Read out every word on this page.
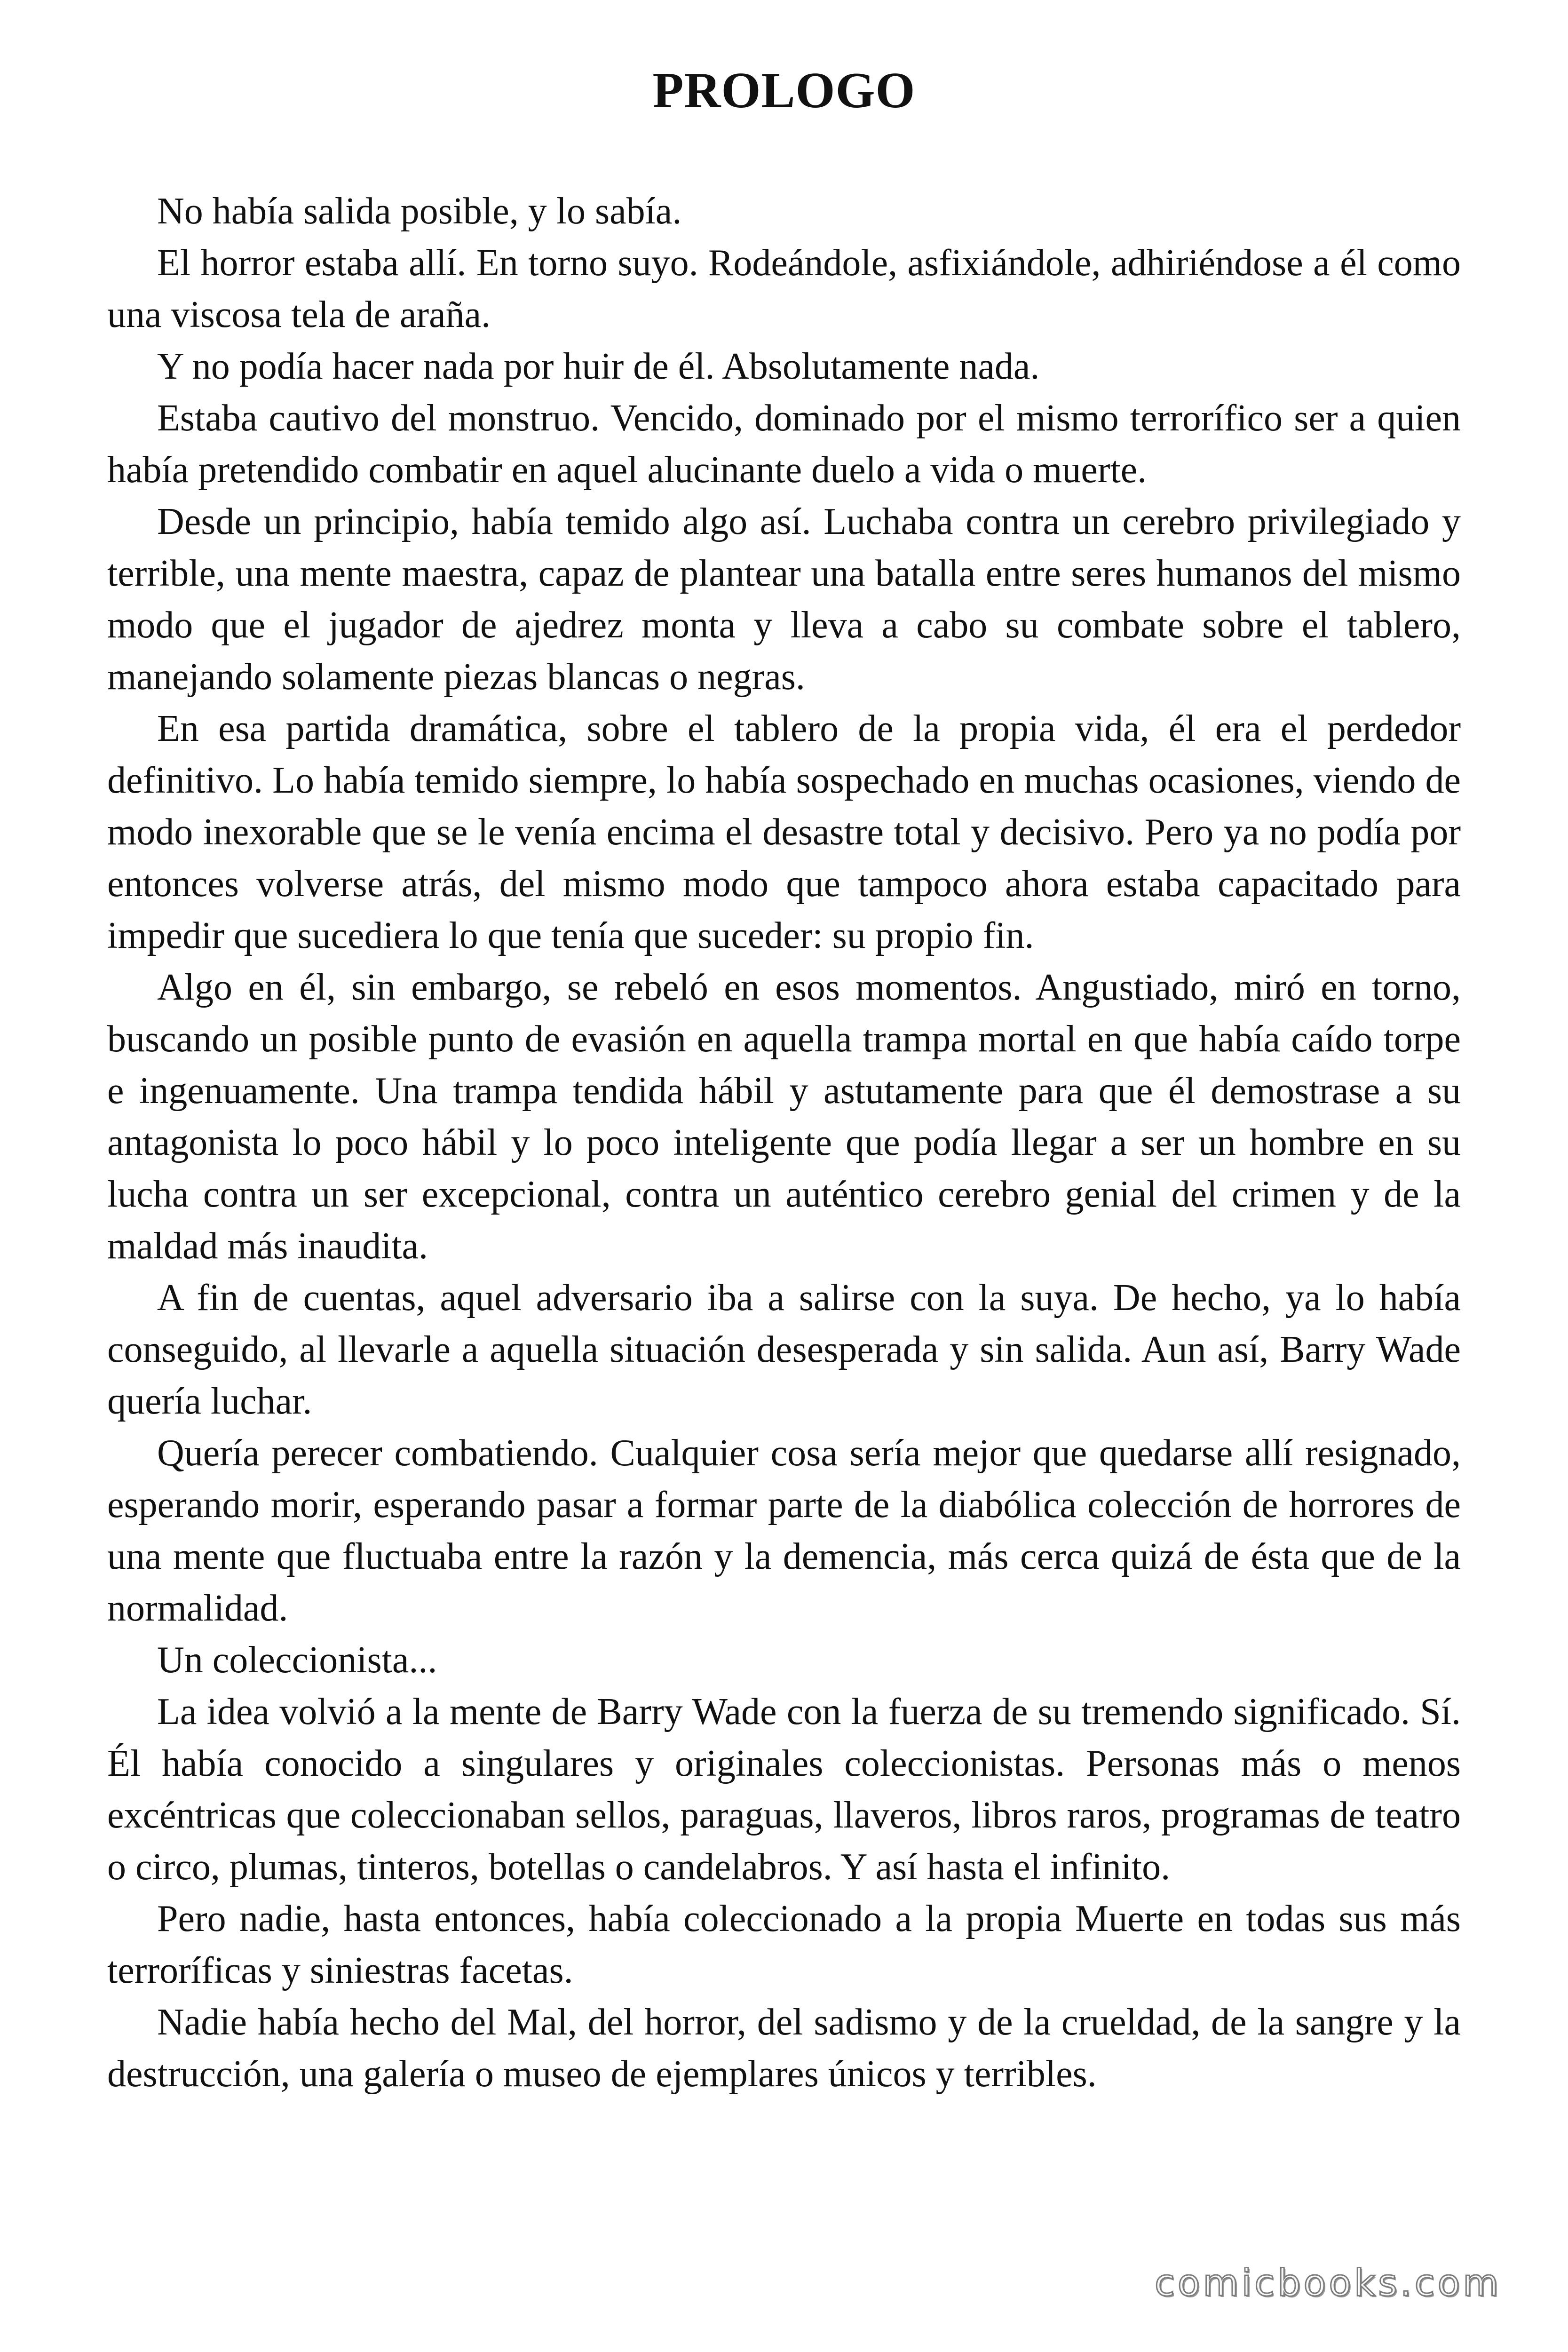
PROLOGO

No había salida posible, y lo sabía.

El horror estaba allí. En torno suyo. Rodeándole, asfixiándole, adhiriéndose a él como una viscosa tela de araña.

Y no podía hacer nada por huir de él. Absolutamente nada.

Estaba cautivo del monstruo. Vencido, dominado por el mismo terrorífico ser a quien había pretendido combatir en aquel alucinante duelo a vida o muerte.

Desde un principio, había temido algo así. Luchaba contra un cerebro privilegiado y terrible, una mente maestra, capaz de plantear una batalla entre seres humanos del mismo modo que el jugador de ajedrez monta y lleva a cabo su combate sobre el tablero, manejando solamente piezas blancas o negras.

En esa partida dramática, sobre el tablero de la propia vida, él era el perdedor definitivo. Lo había temido siempre, lo había sospechado en muchas ocasiones, viendo de modo inexorable que se le venía encima el desastre total y decisivo. Pero ya no podía por entonces volverse atrás, del mismo modo que tampoco ahora estaba capacitado para impedir que sucediera lo que tenía que suceder: su propio fin.

Algo en él, sin embargo, se rebeló en esos momentos. Angustiado, miró en torno, buscando un posible punto de evasión en aquella trampa mortal en que había caído torpe e ingenuamente. Una trampa tendida hábil y astutamente para que él demostrase a su antagonista lo poco hábil y lo poco inteligente que podía llegar a ser un hombre en su lucha contra un ser excepcional, contra un auténtico cerebro genial del crimen y de la maldad más inaudita.

A fin de cuentas, aquel adversario iba a salirse con la suya. De hecho, ya lo había conseguido, al llevarle a aquella situación desesperada y sin salida. Aun así, Barry Wade quería luchar.

Quería perecer combatiendo. Cualquier cosa sería mejor que quedarse allí resignado, esperando morir, esperando pasar a formar parte de la diabólica colección de horrores de una mente que fluctuaba entre la razón y la demencia, más cerca quizá de ésta que de la normalidad.

Un coleccionista...

La idea volvió a la mente de Barry Wade con la fuerza de su tremendo significado. Sí. Él había conocido a singulares y originales coleccionistas. Personas más o menos excéntricas que coleccionaban sellos, paraguas, llaveros, libros raros, programas de teatro o circo, plumas, tinteros, botellas o candelabros. Y así hasta el infinito.

Pero nadie, hasta entonces, había coleccionado a la propia Muerte en todas sus más terroríficas y siniestras facetas.

Nadie había hecho del Mal, del horror, del sadismo y de la crueldad, de la sangre y la destrucción, una galería o museo de ejemplares únicos y terribles.

comicbooks.com
